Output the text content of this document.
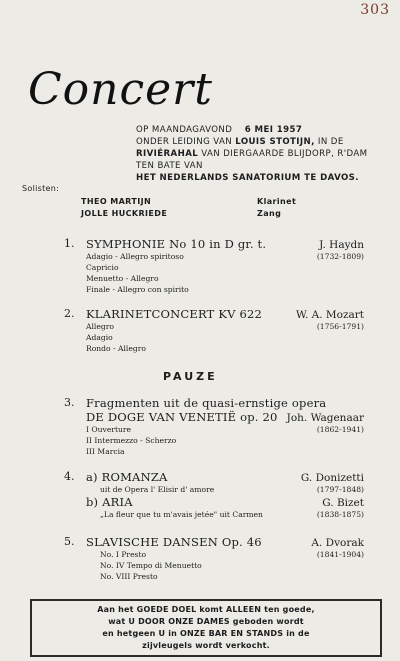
303
Concert
OP MAANDAGAVOND 6 MEI 1957
ONDER LEIDING VAN LOUIS STOTIJN, IN DE
RIVIÉRAHAL VAN DIERGAARDE BLIJDORP, R'DAM
TEN BATE VAN
HET NEDERLANDS SANATORIUM TE DAVOS.
Solisten:
THEO MARTIJN	Klarinet
JOLLE HUCKRIEDE	Zang
1.	SYMPHONIE No 10 in D gr. t.	J. Haydn
Adagio - Allegro spiritoso	(1732-1809)
Capricio
Menuetto - Allegro
Finale - Allegro con spirito
2.	KLARINETCONCERT KV 622	W. A. Mozart
Allegro	(1756-1791)
Adagio
Rondo - Allegro
PAUZE
3.	Fragmenten uit de quasi-ernstige opera
DE DOGE VAN VENETIË op. 20 Joh. Wagenaar
I Ouverture	(1862-1941)
II Intermezzo - Scherzo
III Marcia
4.	a) ROMANZA	G. Donizetti
uit de Opera l' Elisir d' amore	(1797-1848)
b) ARIA	G. Bizet
„La fleur que tu m'avais jetée" uit Carmen	(1838-1875)
5.	SLAVISCHE DANSEN Op. 46	A. Dvorak
No. I Presto	(1841-1904)
No. IV Tempo di Menuetto
No. VIII Presto
Aan het GOEDE DOEL komt ALLEEN ten goede,
wat U DOOR ONZE DAMES geboden wordt
en hetgeen U in ONZE BAR EN STANDS in de
zijvleugels wordt verkocht.
